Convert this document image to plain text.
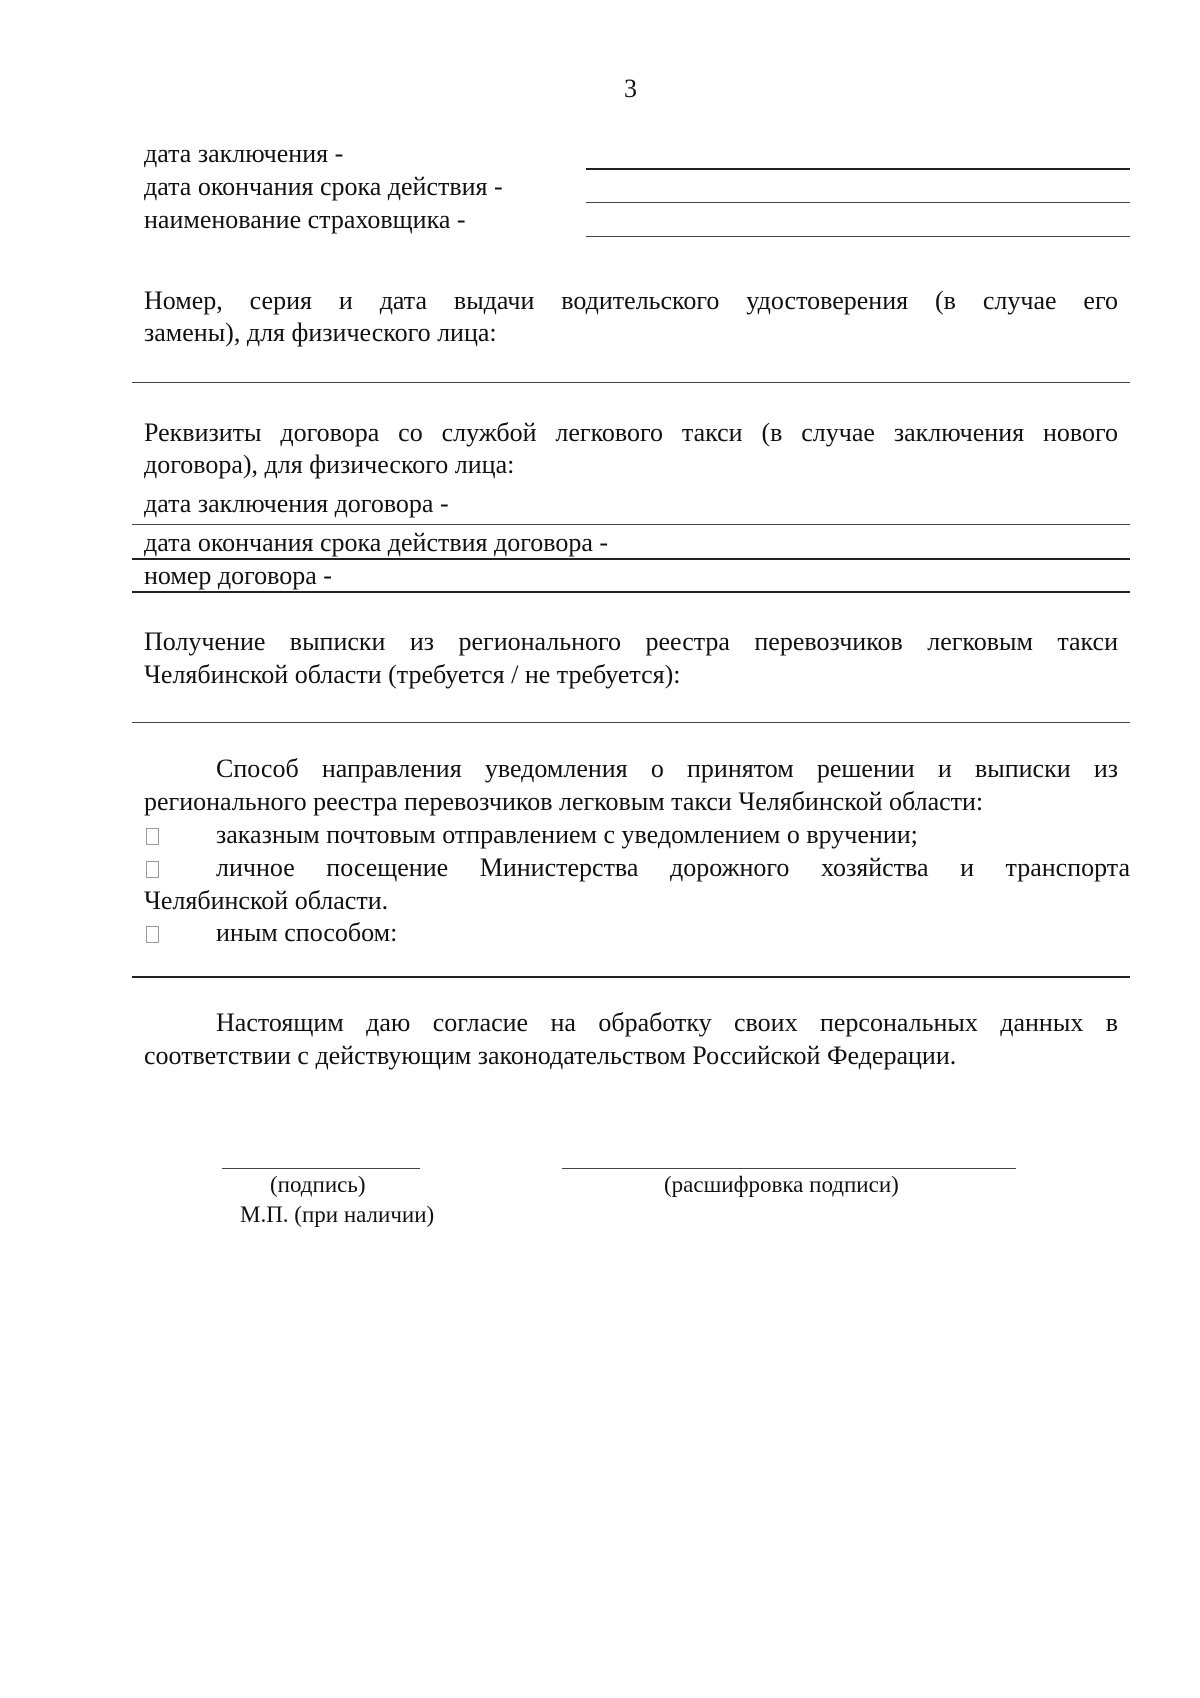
3
дата заключения -
дата окончания срока действия -
наименование страховщика -
Номер, серия и дата выдачи водительского удостоверения (в случае его
замены), для физического лица:
Реквизиты договора со службой легкового такси (в случае заключения нового
договора), для физического лица:
дата заключения договора -
дата окончания срока действия договора -
номер договора -
Получение выписки из регионального реестра перевозчиков легковым такси
Челябинской области (требуется / не требуется):
Способ направления уведомления о принятом решении и выписки из
регионального реестра перевозчиков легковым такси Челябинской области:
заказным почтовым отправлением с уведомлением о вручении;
личное посещение Министерства дорожного хозяйства и транспорта
Челябинской области.
иным способом:
Настоящим даю согласие на обработку своих персональных данных в
соответствии с действующим законодательством Российской Федерации.
(подпись)
М.П. (при наличии)
(расшифровка подписи)
